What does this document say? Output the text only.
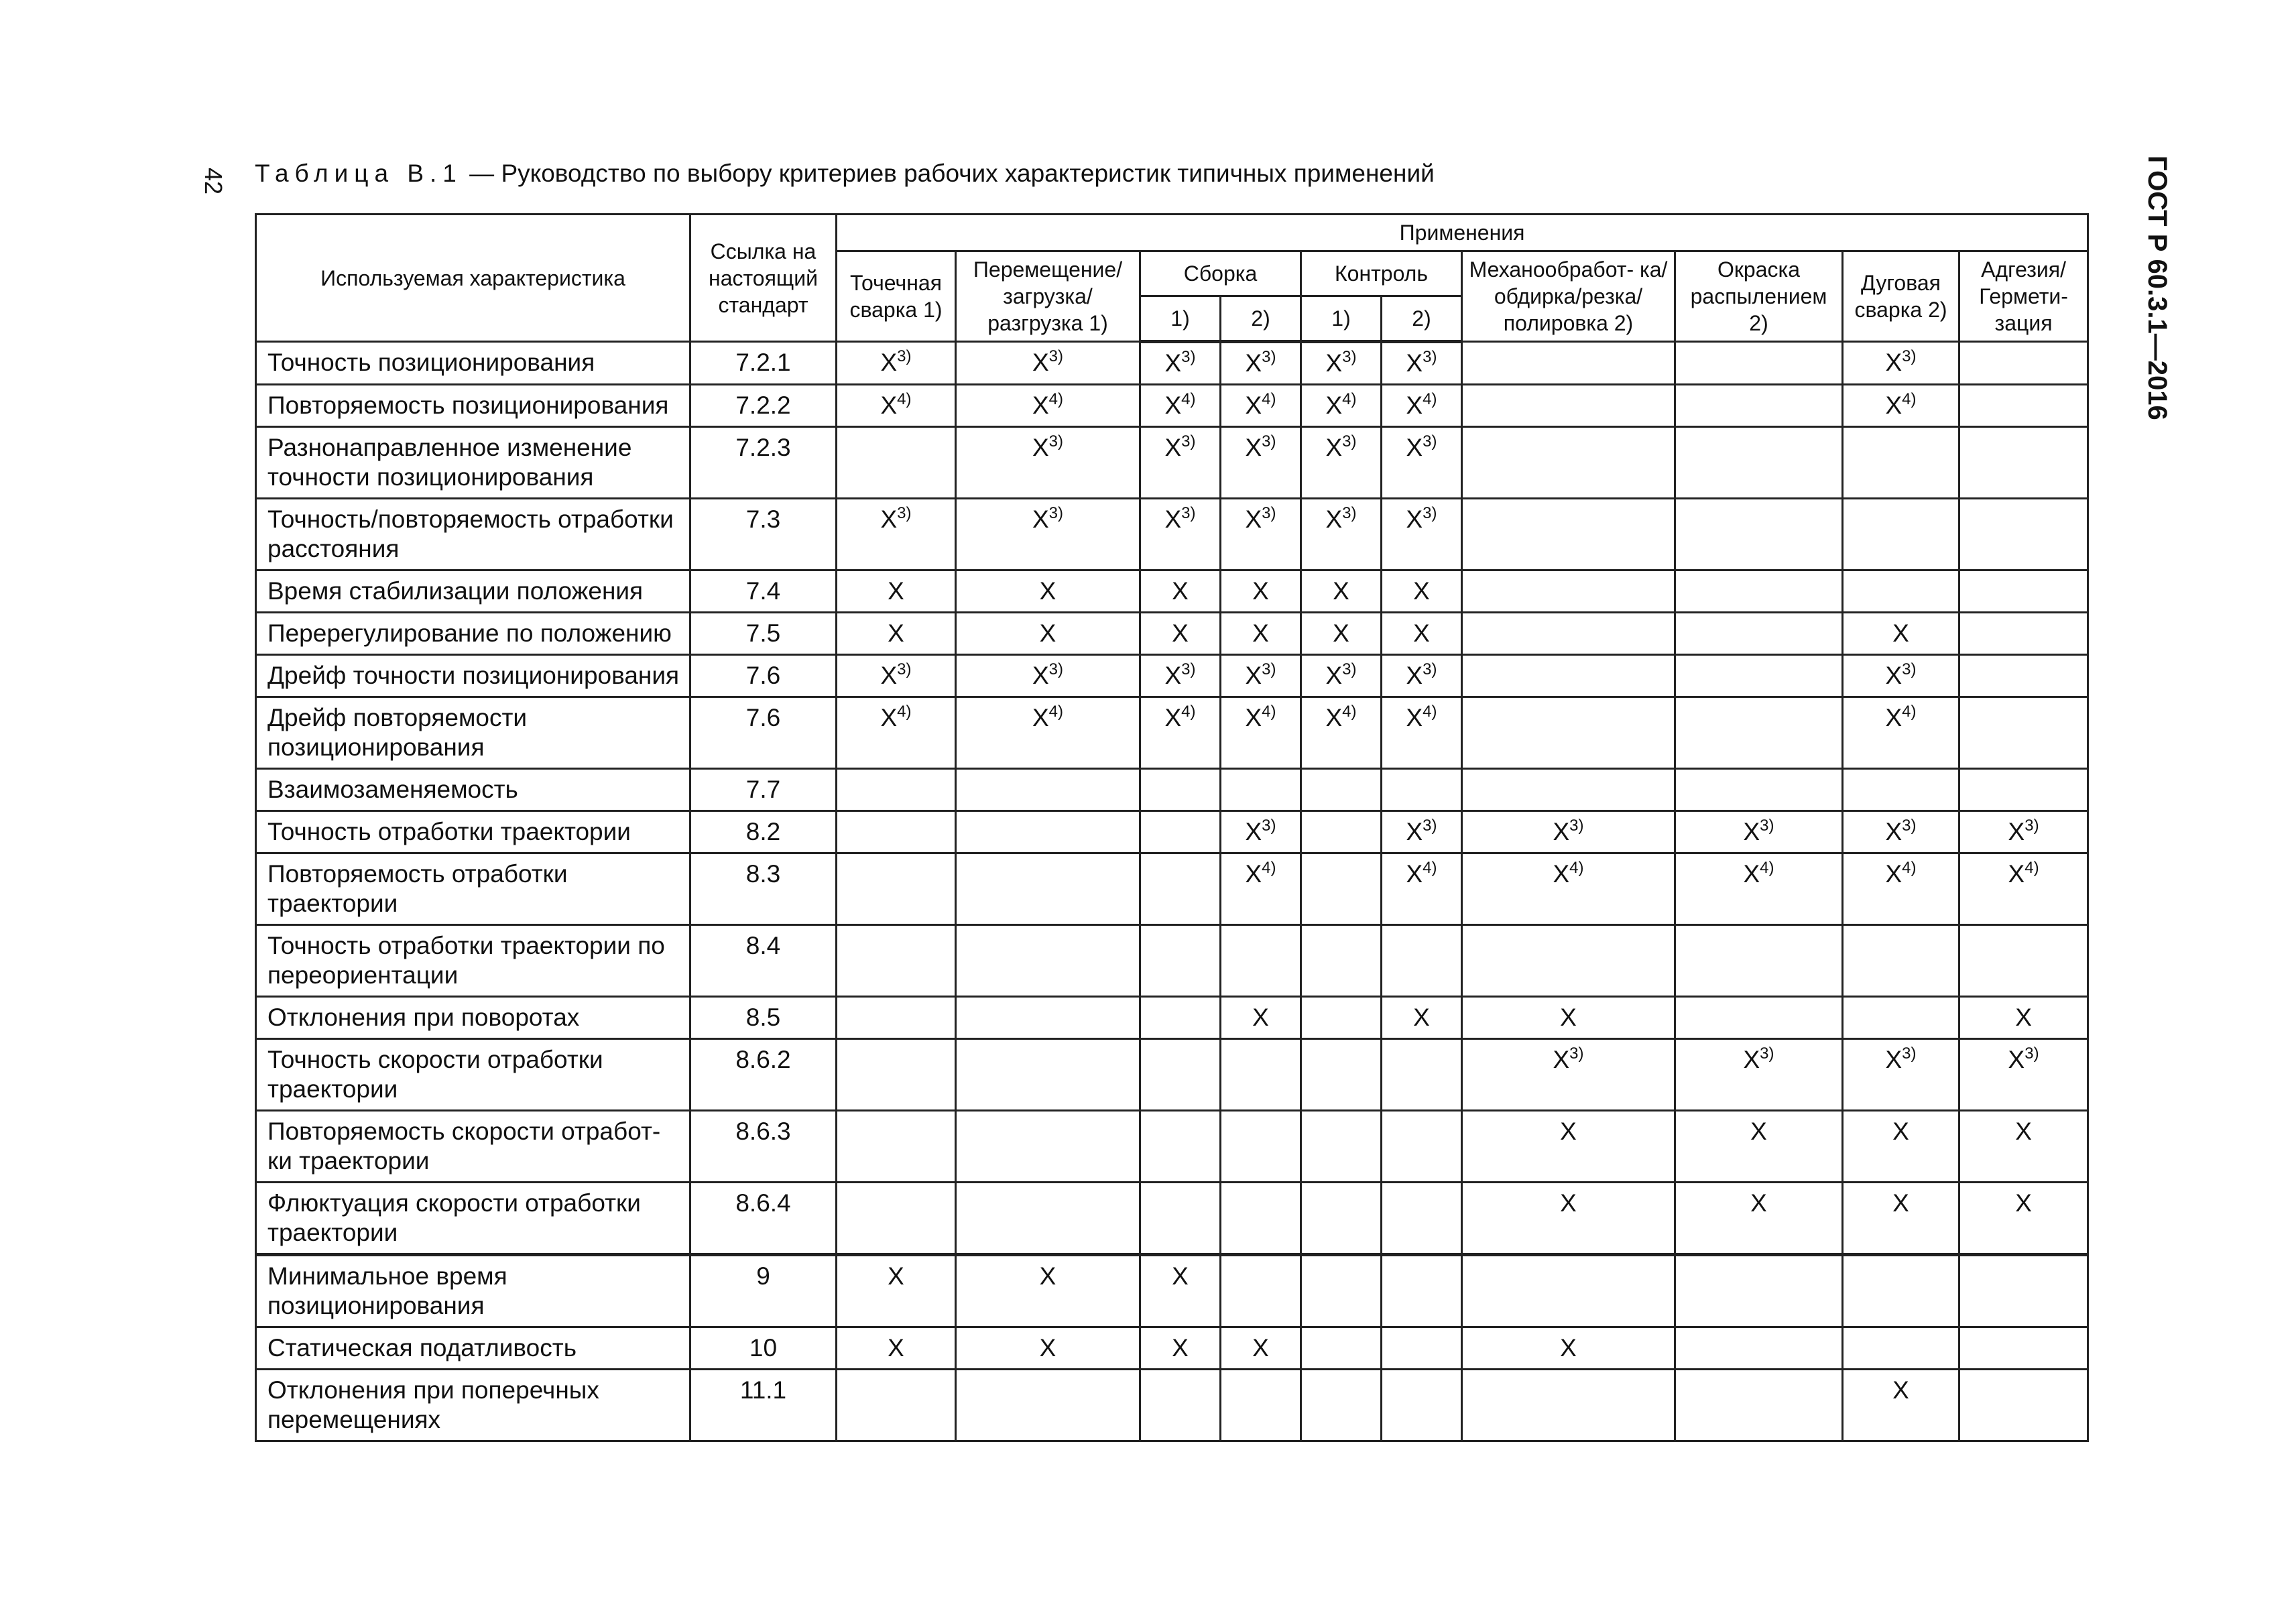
42 Таблица В.1 — Руководство по выбору критериев рабочих характеристик типичных применений	ГОСТ Р 60.3.1—2016
Используемая характеристика	Ссылка на настоящий стандарт	Применения									
		Точечная сварка 1)	Перемещение/ загрузка/ разгрузка 1)	Сборка		Контроль		Механообработ- ка/обдирка/резка/ полировка 2)	Окраска распылением 2)	Дуговая сварка 2)	Адгезия/ Гермети- зация
				1)	2)	1)	2)				
Точность позиционирования	7.2.1	$X^{3)}$	$X^{3)}$	$X^{3)}$	$X^{3)}$	$X^{3)}$	$X^{3)}$			$X^{3)}$	
Повторяемость позиционирования	7.2.2	$X^{4)}$	$X^{4)}$	$X^{4)}$	$X^{4)}$	$X^{4)}$	$X^{4)}$			$X^{4)}$	
Разнонаправленное изменение точности позиционирования	7.2.3		$X^{3)}$	$X^{3)}$	$X^{3)}$	$X^{3)}$	$X^{3)}$				
Точность/повторяемость отработки расстояния	7.3	$X^{3)}$	$X^{3)}$	$X^{3)}$	$X^{3)}$	$X^{3)}$	$X^{3)}$				
Время стабилизации положения	7.4	X	X	X	X	X	X				
Перерегулирование по положению	7.5	X	X	X	X	X	X			X	
Дрейф точности позиционирования	7.6	$X^{3)}$	$X^{3)}$	$X^{3)}$	$X^{3)}$	$X^{3)}$	$X^{3)}$			$X^{3)}$	
Дрейф повторяемости позиционирования	7.6	$X^{4)}$	$X^{4)}$	$X^{4)}$	$X^{4)}$	$X^{4)}$	$X^{4)}$			$X^{4)}$	
Взаимозаменяемость	7.7										
Точность отработки траектории	8.2				$X^{3)}$		$X^{3)}$	$X^{3)}$	$X^{3)}$	$X^{3)}$	$X^{3)}$
Повторяемость отработки траектории	8.3				$X^{4)}$		$X^{4)}$	$X^{4)}$	$X^{4)}$	$X^{4)}$	$X^{4)}$
Точность отработки траектории по переориентации	8.4										
Отклонения при поворотах	8.5				X		X	X			X
Точность скорости отработки траектории	8.6.2							$X^{3)}$	$X^{3)}$	$X^{3)}$	$X^{3)}$
Повторяемость скорости отработ- ки траектории	8.6.3							X	X	X	X
Флюктуация скорости отработки траектории	8.6.4							X	X	X	X
Минимальное время позиционирования	9	X	X	X							
Статическая податливость	10	X	X	X	X			X			
Отклонения при поперечных перемещениях	11.1									X	
